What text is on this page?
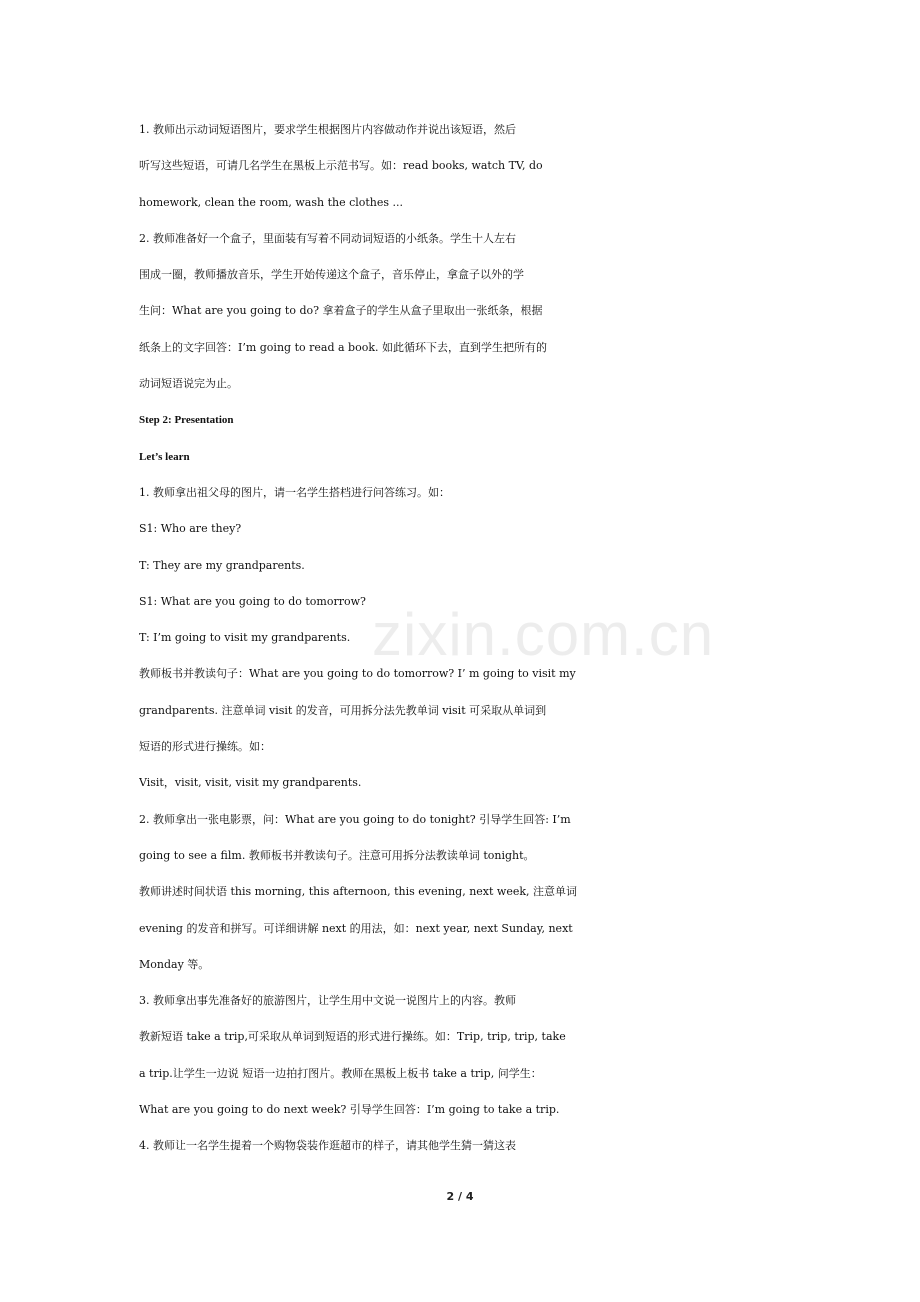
1. 教师出示动词短语图片，要求学生根据图片内容做动作并说出该短语，然后
听写这些短语，可请几名学生在黑板上示范书写。如：read books, watch TV, do
homework, clean the room, wash the clothes ...
2. 教师准备好一个盒子，里面装有写着不同动词短语的小纸条。学生十人左右
围成一圈，教师播放音乐，学生开始传递这个盒子，音乐停止，拿盒子以外的学
生问：What are you going to do? 拿着盒子的学生从盒子里取出一张纸条，根据
纸条上的文字回答：I’m going to read a book. 如此循环下去，直到学生把所有的
动词短语说完为止。
Step 2: Presentation
Let’s learn
1. 教师拿出祖父母的图片，请一名学生搭档进行问答练习。如：
S1: Who are they?
T: They are my grandparents.
S1: What are you going to do tomorrow?
T: I’m going to visit my grandparents.
教师板书并教读句子：What are you going to do tomorrow? I’ m going to visit my
grandparents. 注意单词 visit 的发音，可用拆分法先教单词 visit 可采取从单词到
短语的形式进行操练。如：
Visit，visit, visit, visit my grandparents.
2. 教师拿出一张电影票，问：What are you going to do tonight? 引导学生回答: I’m
going to see a film. 教师板书并教读句子。注意可用拆分法教读单词 tonight。
教师讲述时间状语 this morning, this afternoon, this evening, next week, 注意单词
evening 的发音和拼写。可详细讲解 next 的用法，如：next year, next Sunday, next
Monday 等。
3. 教师拿出事先准备好的旅游图片，让学生用中文说一说图片上的内容。教师
教新短语 take a trip,可采取从单词到短语的形式进行操练。如：Trip, trip, trip, take
a trip.让学生一边说 短语一边拍打图片。教师在黑板上板书 take a trip, 问学生：
What are you going to do next week? 引导学生回答：I’m going to take a trip.
4. 教师让一名学生提着一个购物袋装作逛超市的样子，请其他学生猜一猜这表
zixin.com.cn
2 / 4
